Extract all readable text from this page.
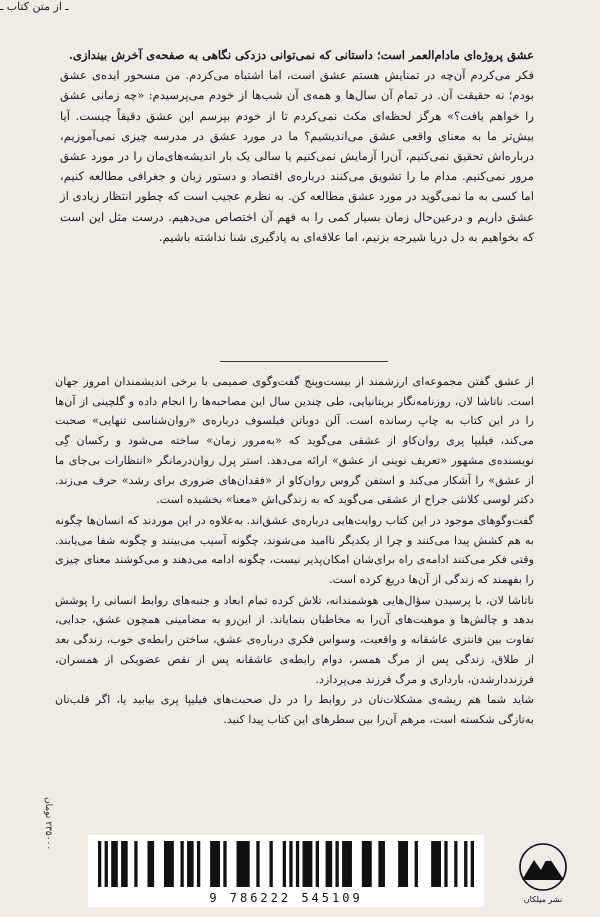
عشق پروژه‌ای مادام‌العمر است؛ داستانی که نمی‌توانی دزدکی نگاهی به صفحه‌ی آخرش بیندازی.

فکر می‌کردم آن‌چه در تمنایش هستم عشق است، اما اشتباه می‌کردم. من مسحور ایده‌ی عشق بودم؛ نه حقیقت آن. در تمام آن سال‌ها و همه‌ی آن شب‌ها از خودم می‌پرسیدم: «چه زمانی عشق را خواهم یافت؟» هرگز لحظه‌ای مکث نمی‌کردم تا از خودم بپرسم این عشق دقیقاً چیست. آیا بیش‌تر ما به معنای واقعی عشق می‌اندیشیم؟ ما در مورد عشق در مدرسه چیزی نمی‌آموزیم، درباره‌اش تحقیق نمی‌کنیم، آن‌را آزمایش نمی‌کنیم یا سالی یک بار اندیشه‌های‌مان را در مورد عشق مرور نمی‌کنیم. مدام ما را تشویق می‌کنند درباره‌ی اقتصاد و دستور زبان و جغرافی مطالعه کنیم، اما کسی به ما نمی‌گوید در مورد عشق مطالعه کن. به نظرم عجیب است که چطور انتظار زیادی از عشق داریم و درعین‌حال زمان بسیار کمی را به فهم آن اختصاص می‌دهیم. درست مثل این است که بخواهیم به دل دریا شیرجه بزنیم، اما علاقه‌ای به یادگیری شنا نداشته باشیم.

ـ از متن کتاب ـ

از عشق گفتن مجموعه‌ای ارزشمند از بیست‌وپنج گفت‌وگوی صمیمی با برخی اندیشمندان امروز جهان است. ناتاشا لان، روزنامه‌نگار بریتانیایی، طی چندین سال این مصاحبه‌ها را انجام داده و گلچینی از آن‌ها را در این کتاب به چاپ رسانده است. آلن دوباتن فیلسوف درباره‌ی «روان‌شناسی تنهایی» صحبت می‌کند، فیلیپا پری روان‌کاو از عشقی می‌گوید که «به‌مرور زمان» ساخته می‌شود و رکسان گِی نویسنده‌ی مشهور «تعریف نوینی از عشق» ارائه می‌دهد. استر پرل روان‌درمانگر «انتظارات بی‌جای ما از عشق» را آشکار می‌کند و استفن گروس روان‌کاو از «فقدان‌های ضروری برای رشد» حرف می‌زند. دکتر لوسی کلانثی جراح از عشقی می‌گوید که به زندگی‌اش «معنا» بخشیده است.

گفت‌وگوهای موجود در این کتاب روایت‌هایی درباره‌ی عشق‌اند. به‌علاوه در این موردند که انسان‌ها چگونه به هم کشش پیدا می‌کنند و چرا از یکدیگر ناامید می‌شوند، چگونه آسیب می‌بینند و چگونه شفا می‌یابند. وقتی فکر می‌کنند ادامه‌ی راه برای‌شان امکان‌پذیر نیست، چگونه ادامه می‌دهند و می‌کوشند معنای چیزی را بفهمند که زندگی از آن‌ها دریغ کرده است.

ناتاشا لان، با پرسیدن سؤال‌هایی هوشمندانه، تلاش کرده تمام ابعاد و جنبه‌های روابط انسانی را پوشش بدهد و چالش‌ها و موهبت‌های آن‌را به مخاطبان بنمایاند. از این‌رو به مضامینی همچون عشق، جدایی، تفاوت بین فانتزی عاشقانه و واقعیت، وسواس فکری درباره‌ی عشق، ساختن رابطه‌ی خوب، زندگی بعد از طلاق، زندگی پس از مرگ همسر، دوام رابطه‌ی عاشقانه پس از نقص عضویکی از همسران، فرزنددارشدن، بارداری و مرگ فرزند می‌پردازد.

شاید شما هم ریشه‌ی مشکلات‌تان در روابط را در دل صحبت‌های فیلیپا پری بیابید یا، اگر قلب‌تان به‌تازگی شکسته است، مرهم آن‌را بین سطرهای این کتاب پیدا کنید.

۲۳۵۰۰۰ تومان
9 786222 545109	نشر میلکان
